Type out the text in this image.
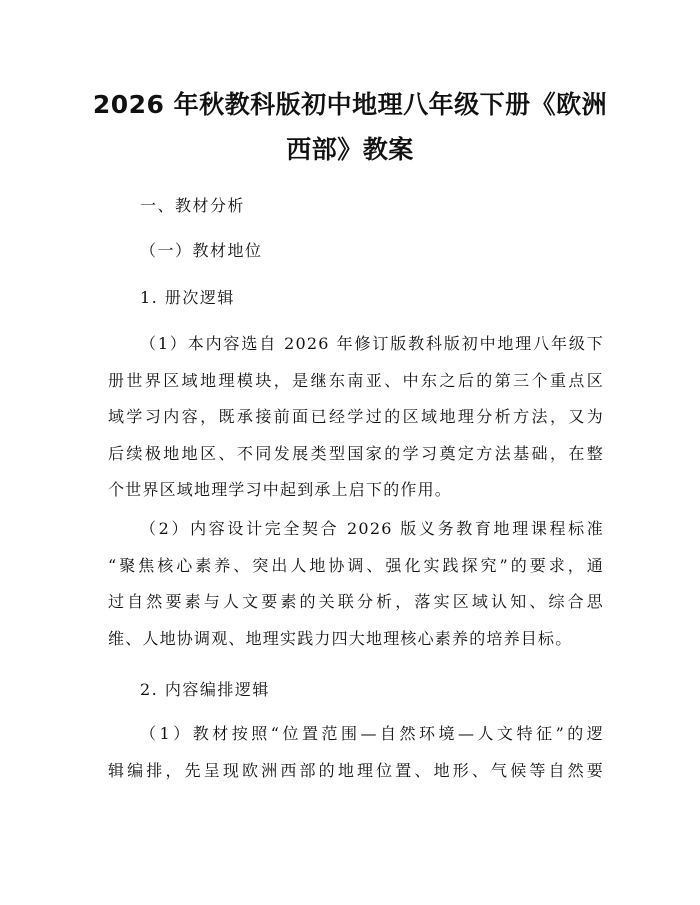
2026 年秋教科版初中地理八年级下册《欧洲
西部》教案

一、教材分析

（一）教材地位

1. 册次逻辑

（1）本内容选自 2026 年修订版教科版初中地理八年级下
册世界区域地理模块，是继东南亚、中东之后的第三个重点区
域学习内容，既承接前面已经学过的区域地理分析方法，又为
后续极地地区、不同发展类型国家的学习奠定方法基础，在整
个世界区域地理学习中起到承上启下的作用。
（2）内容设计完全契合 2026 版义务教育地理课程标准
“聚焦核心素养、突出人地协调、强化实践探究”的要求，通
过自然要素与人文要素的关联分析，落实区域认知、综合思
维、人地协调观、地理实践力四大地理核心素养的培养目标。

2. 内容编排逻辑

（1）教材按照“位置范围—自然环境—人文特征”的逻
辑编排，先呈现欧洲西部的地理位置、地形、气候等自然要
